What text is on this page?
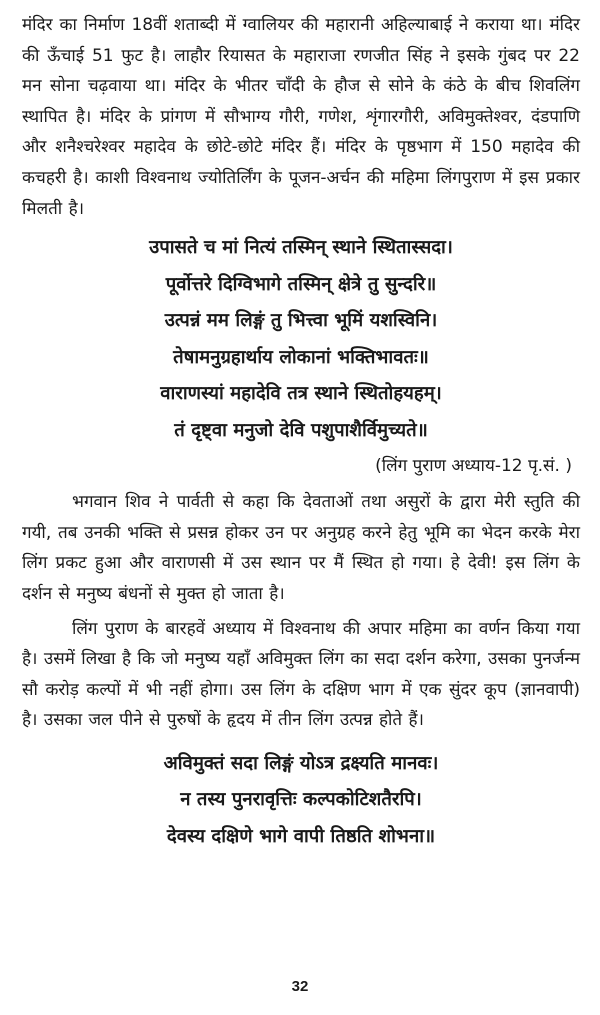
मंदिर का निर्माण 18वीं शताब्दी में ग्वालियर की महारानी अहिल्याबाई ने कराया था। मंदिर की ऊँचाई 51 फुट है। लाहौर रियासत के महाराजा रणजीत सिंह ने इसके गुंबद पर 22 मन सोना चढ़वाया था। मंदिर के भीतर चाँदी के हौज से सोने के कंठे के बीच शिवलिंग स्थापित है। मंदिर के प्रांगण में सौभाग्य गौरी, गणेश, शृंगारगौरी, अविमुक्तेश्वर, दंडपाणि और शनैश्चरेश्वर महादेव के छोटे-छोटे मंदिर हैं। मंदिर के पृष्ठभाग में 150 महादेव की कचहरी है। काशी विश्वनाथ ज्योतिर्लिंग के पूजन-अर्चन की महिमा लिंगपुराण में इस प्रकार मिलती है।

उपासते च मां नित्यं तस्मिन् स्थाने स्थितास्सदा।
पूर्वोत्तरे दिग्विभागे तस्मिन् क्षेत्रे तु सुन्दरि॥
उत्पन्नं मम लिङ्गं तु भित्त्वा भूमिं यशस्विनि।
तेषामनुग्रहार्थाय लोकानां भक्तिभावतः॥
वाराणस्यां महादेवि तत्र स्थाने स्थितोहयहम्।
तं दृष्ट्वा मनुजो देवि पशुपाशैर्विमुच्यते॥
(लिंग पुराण अध्याय-12 पृ.सं. )

भगवान शिव ने पार्वती से कहा कि देवताओं तथा असुरों के द्वारा मेरी स्तुति की गयी, तब उनकी भक्ति से प्रसन्न होकर उन पर अनुग्रह करने हेतु भूमि का भेदन करके मेरा लिंग प्रकट हुआ और वाराणसी में उस स्थान पर मैं स्थित हो गया। हे देवी! इस लिंग के दर्शन से मनुष्य बंधनों से मुक्त हो जाता है।

लिंग पुराण के बारहवें अध्याय में विश्वनाथ की अपार महिमा का वर्णन किया गया है। उसमें लिखा है कि जो मनुष्य यहाँ अविमुक्त लिंग का सदा दर्शन करेगा, उसका पुनर्जन्म सौ करोड़ कल्पों में भी नहीं होगा। उस लिंग के दक्षिण भाग में एक सुंदर कूप (ज्ञानवापी) है। उसका जल पीने से पुरुषों के हृदय में तीन लिंग उत्पन्न होते हैं।

अविमुक्तं सदा लिङ्गं योऽत्र द्रक्ष्यति मानवः।
न तस्य पुनरावृत्तिः कल्पकोटिशतैरपि।
देवस्य दक्षिणे भागे वापी तिष्ठति शोभना॥
32
